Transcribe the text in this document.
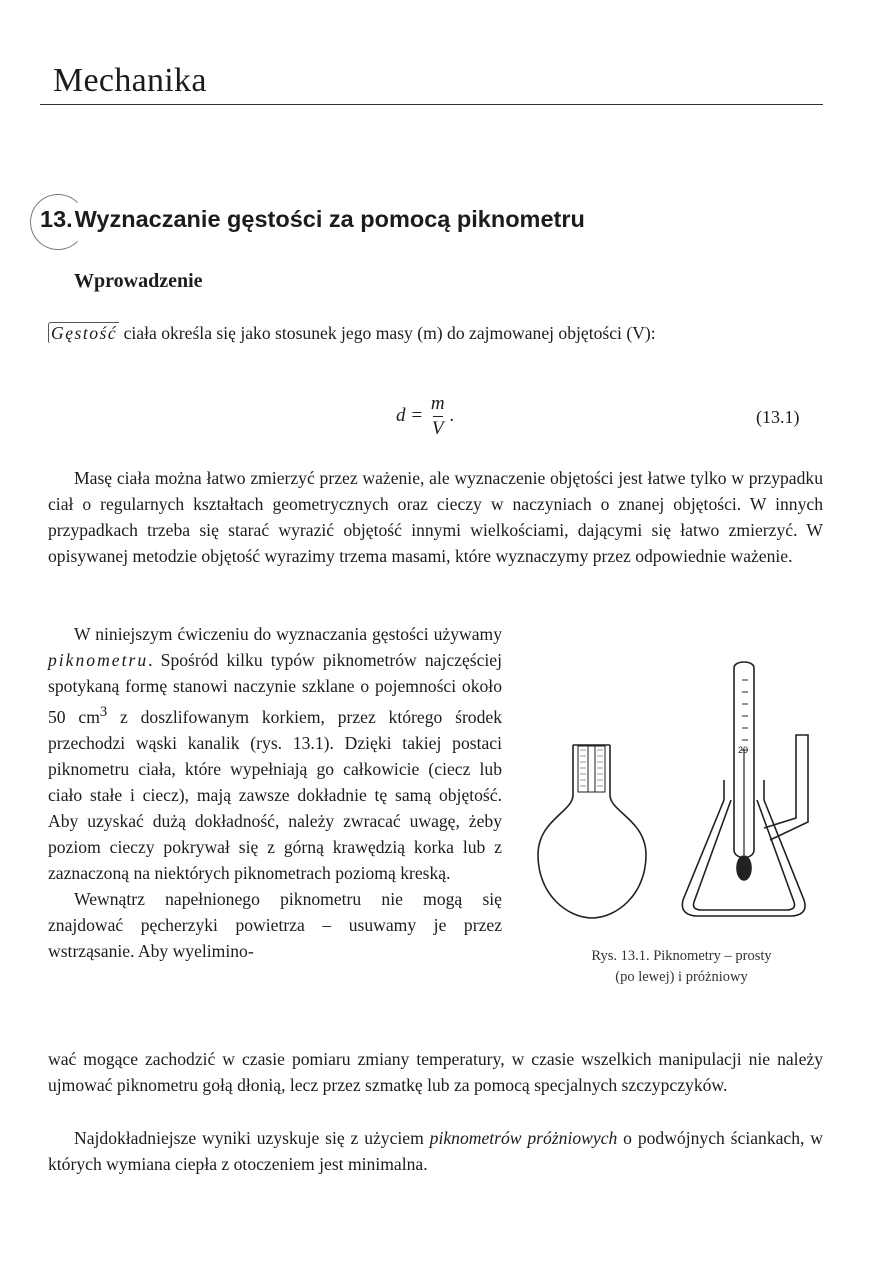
Mechanika
13.Wyznaczanie gęstości za pomocą piknometru
Wprowadzenie
Gęstość ciała określa się jako stosunek jego masy (m) do zajmowanej objętości (V):
$d = \frac{m}{V}$ .	(13.1)
Masę ciała można łatwo zmierzyć przez ważenie, ale wyznaczenie objętości jest łatwe tylko w przypadku ciał o regularnych kształtach geometrycznych oraz cieczy w naczyniach o znanej objętości. W innych przypadkach trzeba się starać wyrazić objętość innymi wielkościami, dającymi się łatwo zmierzyć. W opisywanej metodzie objętość wyrazimy trzema masami, które wyznaczymy przez odpowiednie ważenie.
W niniejszym ćwiczeniu do wyznaczania gęstości używamy piknometru. Spośród kilku typów piknometrów najczęściej spotykaną formę stanowi naczynie szklane o pojemności około 50 $cm^3$ z doszlifowanym korkiem, przez którego środek przechodzi wąski kanalik (rys. 13.1). Dzięki takiej postaci piknometru ciała, które wypełniają go całkowicie (ciecz lub ciało stałe i ciecz), mają zawsze dokładnie tę samą objętość. Aby uzyskać dużą dokładność, należy zwracać uwagę, żeby poziom cieczy pokrywał się z górną krawędzią korka lub z zaznaczoną na niektórych piknometrach poziomą kreską.
Wewnątrz napełnionego piknometru nie mogą się znajdować pęcherzyki powietrza – usuwamy je przez wstrząsanie. Aby wyelimino-
wać mogące zachodzić w czasie pomiaru zmiany temperatury, w czasie wszelkich manipulacji nie należy ujmować piknometru gołą dłonią, lecz przez szmatkę lub za pomocą specjalnych szczypczyków.
Najdokładniejsze wyniki uzyskuje się z użyciem piknometrów próżniowych o podwójnych ściankach, w których wymiana ciepła z otoczeniem jest minimalna.
20
Rys. 13.1. Piknometry – prosty
(po lewej) i próżniowy
